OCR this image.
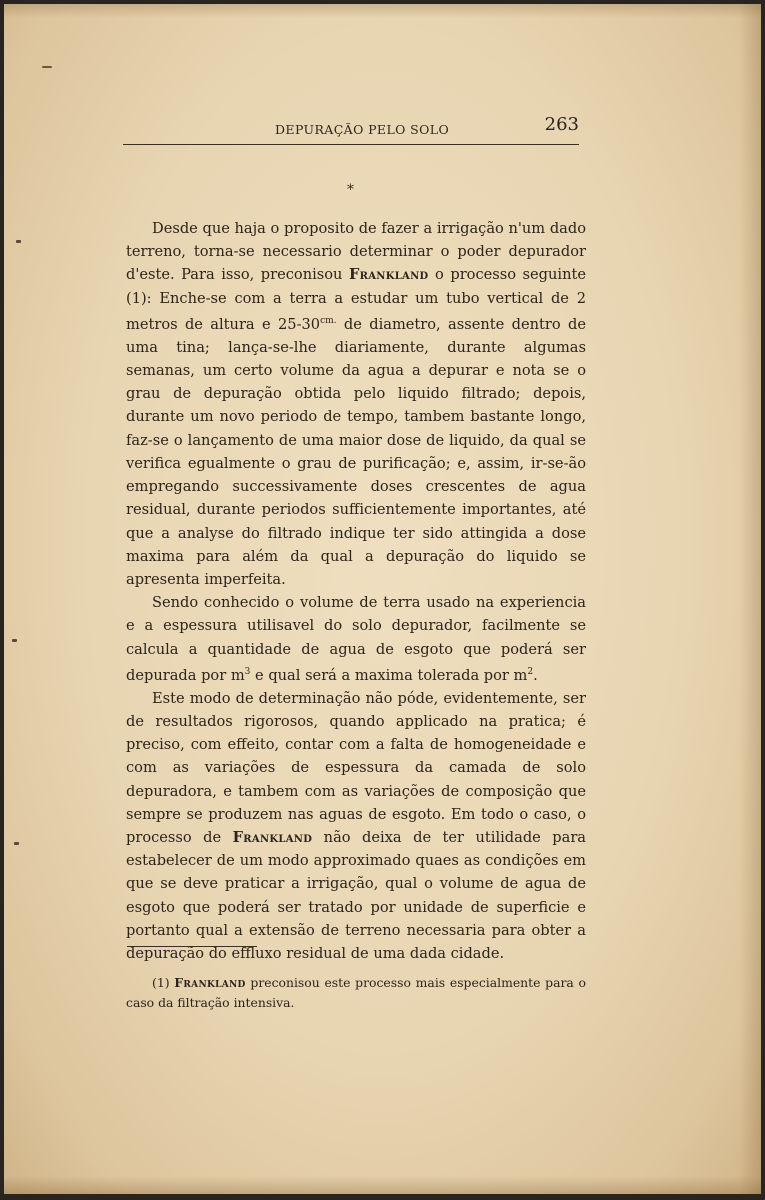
DEPURAÇÃO PELO SOLO	263
*

Desde que haja o proposito de fazer a irrigação n'um dado terreno, torna-se necessario determinar o poder depurador d'este. Para isso, preconisou Frankland o processo seguinte (1): Enche-se com a terra a estudar um tubo vertical de 2 metros de altura e $25-30^{cm.}$ de diametro, assente dentro de uma tina; lança-se-lhe diariamente, durante algumas semanas, um certo volume da agua a depurar e nota se o grau de depuração obtida pelo liquido filtrado; depois, durante um novo periodo de tempo, tambem bastante longo, faz-se o lançamento de uma maior dose de liquido, da qual se verifica egualmente o grau de purificação; e, assim, ir-se-ão empregando successivamente doses crescentes de agua residual, durante periodos sufficientemente importantes, até que a analyse do filtrado indique ter sido attingida a dose maxima para além da qual a depuração do liquido se apresenta imperfeita.

Sendo conhecido o volume de terra usado na experiencia e a espessura utilisavel do solo depurador, facilmente se calcula a quantidade de agua de esgoto que poderá ser depurada por $m^3$ e qual será a maxima tolerada por $m^2$.

Este modo de determinação não póde, evidentemente, ser de resultados rigorosos, quando applicado na pratica; é preciso, com effeito, contar com a falta de homogeneidade e com as variações de espessura da camada de solo depuradora, e tambem com as variações de composição que sempre se produzem nas aguas de esgoto. Em todo o caso, o processo de Frankland não deixa de ter utilidade para estabelecer de um modo approximado quaes as condições em que se deve praticar a irrigação, qual o volume de agua de esgoto que poderá ser tratado por unidade de superficie e portanto qual a extensão de terreno necessaria para obter a depuração do effluxo residual de uma dada cidade.

(1) Frankland preconisou este processo mais especialmente para o caso da filtração intensiva.
